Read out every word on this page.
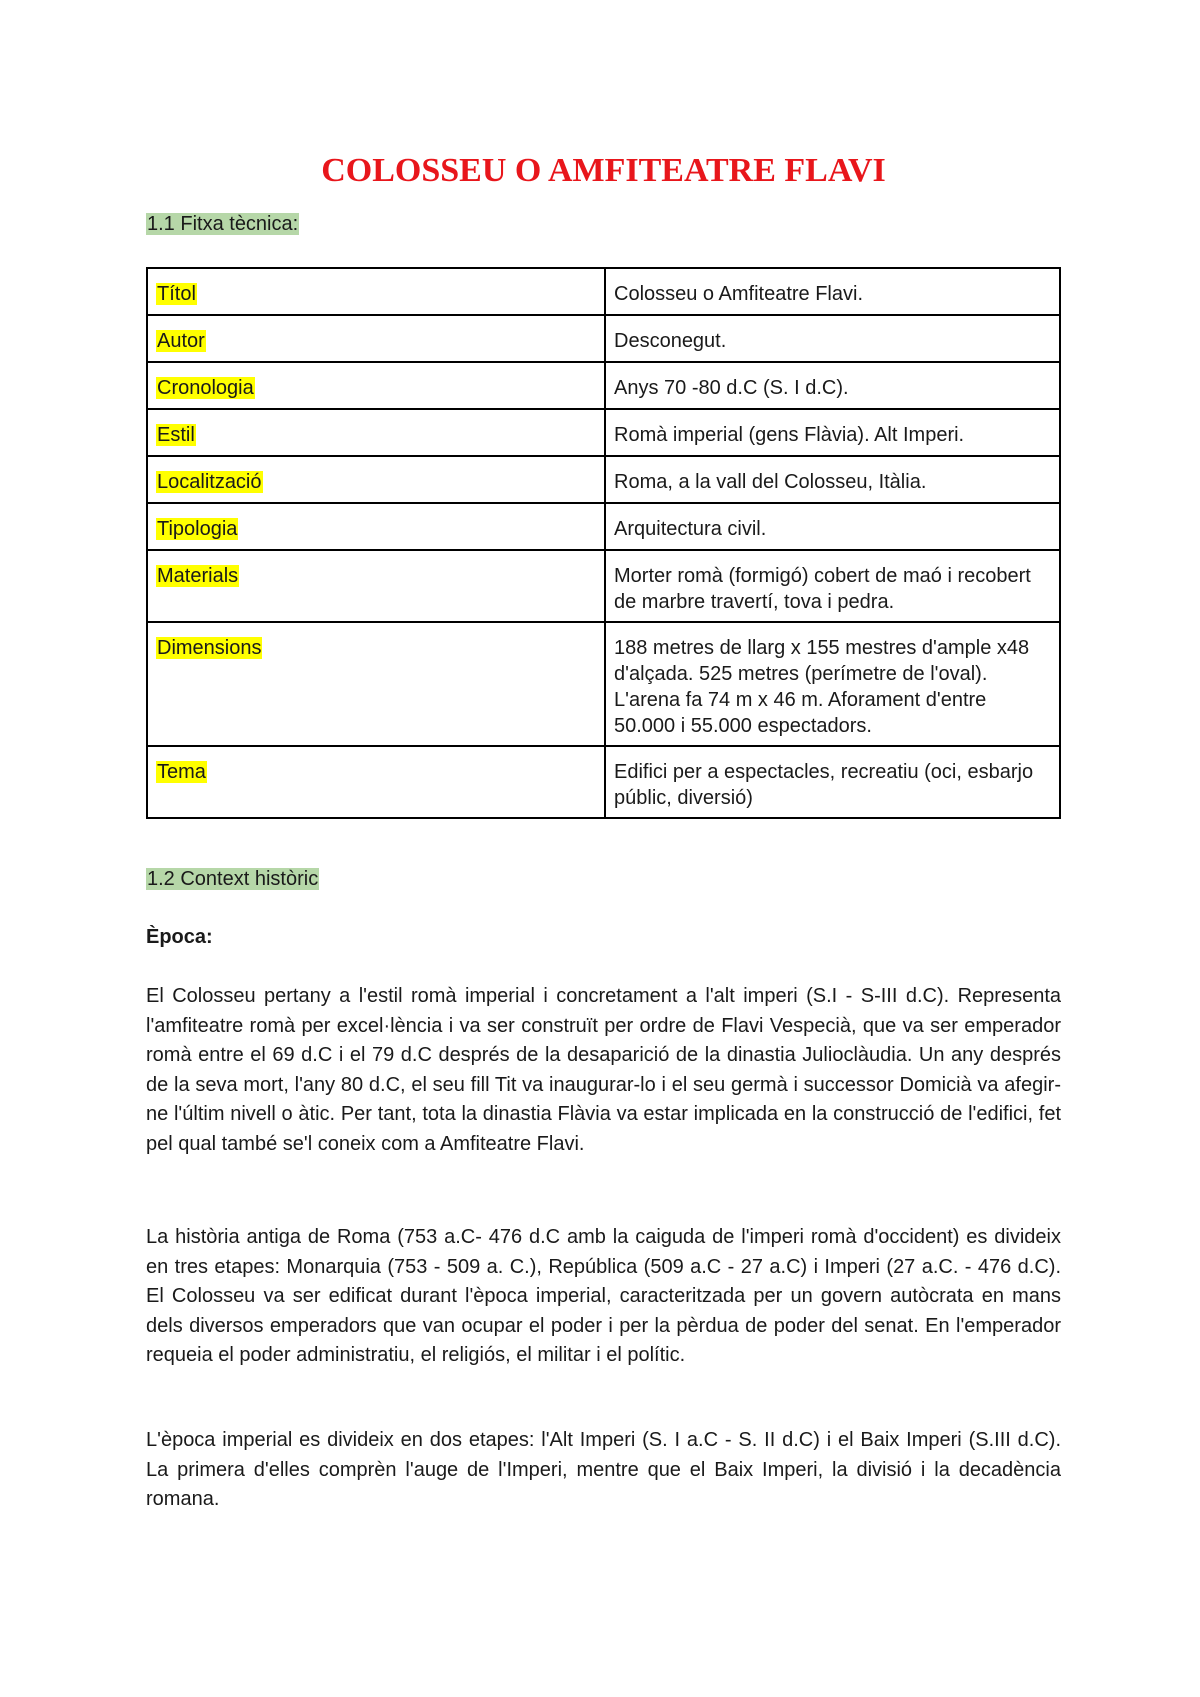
COLOSSEU O AMFITEATRE FLAVI

1.1 Fitxa tècnica:

Títol	Colosseu o Amfiteatre Flavi.
Autor	Desconegut.
Cronologia	Anys 70 -80 d.C (S. I d.C).
Estil	Romà imperial (gens Flàvia). Alt Imperi.
Localització	Roma, a la vall del Colosseu, Itàlia.
Tipologia	Arquitectura civil.
Materials	Morter romà (formigó) cobert de maó i recobert de marbre travertí, tova i pedra.
Dimensions	188 metres de llarg x 155 mestres d'ample x48 d'alçada. 525 metres (perímetre de l'oval). L'arena fa 74 m x 46 m. Aforament d'entre 50.000 i 55.000 espectadors.
Tema	Edifici per a espectacles, recreatiu (oci, esbarjo públic, diversió)

1.2 Context històric

Època:

El Colosseu pertany a l'estil romà imperial i concretament a l'alt imperi (S.I - S-III d.C). Representa l'amfiteatre romà per excel·lència i va ser construït per ordre de Flavi Vespecià, que va ser emperador romà entre el 69 d.C i el 79 d.C després de la desaparició de la dinastia Julioclàudia. Un any després de la seva mort, l'any 80 d.C, el seu fill Tit va inaugurar-lo i el seu germà i successor Domicià va afegir-ne l'últim nivell o àtic. Per tant, tota la dinastia Flàvia va estar implicada en la construcció de l'edifici, fet pel qual també se'l coneix com a Amfiteatre Flavi.

La història antiga de Roma (753 a.C- 476 d.C amb la caiguda de l'imperi romà d'occident) es divideix en tres etapes: Monarquia (753 - 509 a. C.), República (509 a.C - 27 a.C) i Imperi (27 a.C. - 476 d.C). El Colosseu va ser edificat durant l'època imperial, caracteritzada per un govern autòcrata en mans dels diversos emperadors que van ocupar el poder i per la pèrdua de poder del senat. En l'emperador requeia el poder administratiu, el religiós, el militar i el polític.

L'època imperial es divideix en dos etapes: l'Alt Imperi (S. I a.C - S. II d.C) i el Baix Imperi (S.III d.C). La primera d'elles comprèn l'auge de l'Imperi, mentre que el Baix Imperi, la divisió i la decadència romana.
